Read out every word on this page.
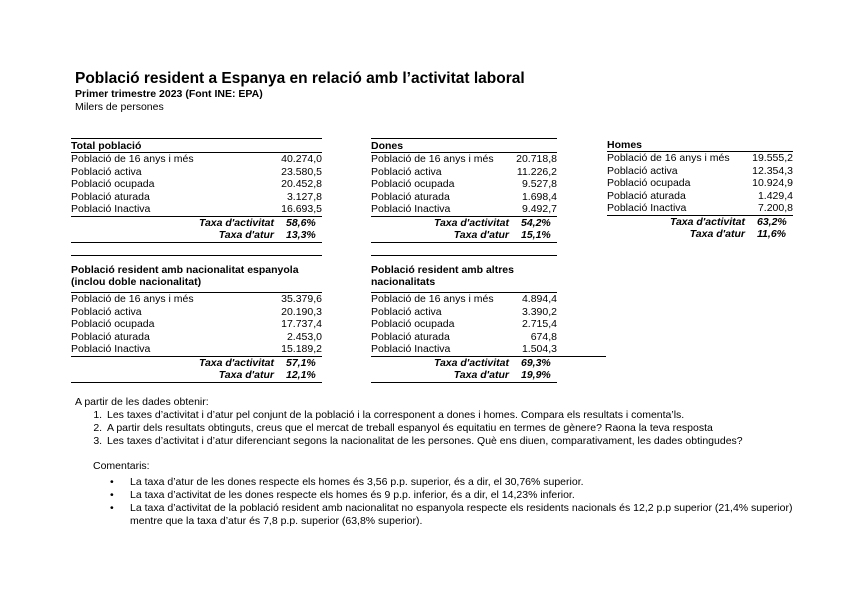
Població resident a Espanya en relació amb l’activitat laboral
Primer trimestre 2023 (Font INE: EPA)
Milers de persones
Total població
Població de 16 anys i més	40.274,0
Població activa	23.580,5
Població ocupada	20.452,8
Població aturada	3.127,8
Població Inactiva	16.693,5
Taxa d'activitat	58,6%
Taxa d'atur	13,3%
Dones
Població de 16 anys i més 20.718,8
Població activa	11.226,2
Població ocupada	9.527,8
Població aturada	1.698,4
Població Inactiva	9.492,7
Taxa d'activitat	54,2%
Taxa d'atur	15,1%
Homes
Població de 16 anys i més 19.555,2
Població activa	12.354,3
Població ocupada	10.924,9
Població aturada	1.429,4
Població Inactiva	7.200,8
Taxa d'activitat	63,2%
Taxa d'atur	11,6%
Població resident amb nacionalitat espanyola
(inclou doble nacionalitat)
Població de 16 anys i més	35.379,6
Població activa	20.190,3
Població ocupada	17.737,4
Població aturada	2.453,0
Població Inactiva	15.189,2
Taxa d'activitat	57,1%
Taxa d'atur	12,1%
Població resident amb altres
nacionalitats
Població de 16 anys i més	4.894,4
Població activa	3.390,2
Població ocupada	2.715,4
Població aturada	674,8
Població Inactiva	1.504,3
Taxa d'activitat	69,3%
Taxa d'atur	19,9%
A partir de les dades obtenir:
1. Les taxes d’activitat i d’atur pel conjunt de la població i la corresponent a dones i homes. Compara els resultats i comenta’ls.
2. A partir dels resultats obtinguts, creus que el mercat de treball espanyol és equitatiu en termes de gènere? Raona la teva resposta
3. Les taxes d’activitat i d’atur diferenciant segons la nacionalitat de les persones. Què ens diuen, comparativament, les dades obtingudes?
Comentaris:
• La taxa d’atur de les dones respecte els homes és 3,56 p.p. superior, és a dir, el 30,76% superior.
• La taxa d’activitat de les dones respecte els homes és 9 p.p. inferior, és a dir, el 14,23% inferior.
• La taxa d’activitat de la població resident amb nacionalitat no espanyola respecte els residents nacionals és 12,2 p.p superior (21,4% superior) mentre que la taxa d’atur és 7,8 p.p. superior (63,8% superior).
